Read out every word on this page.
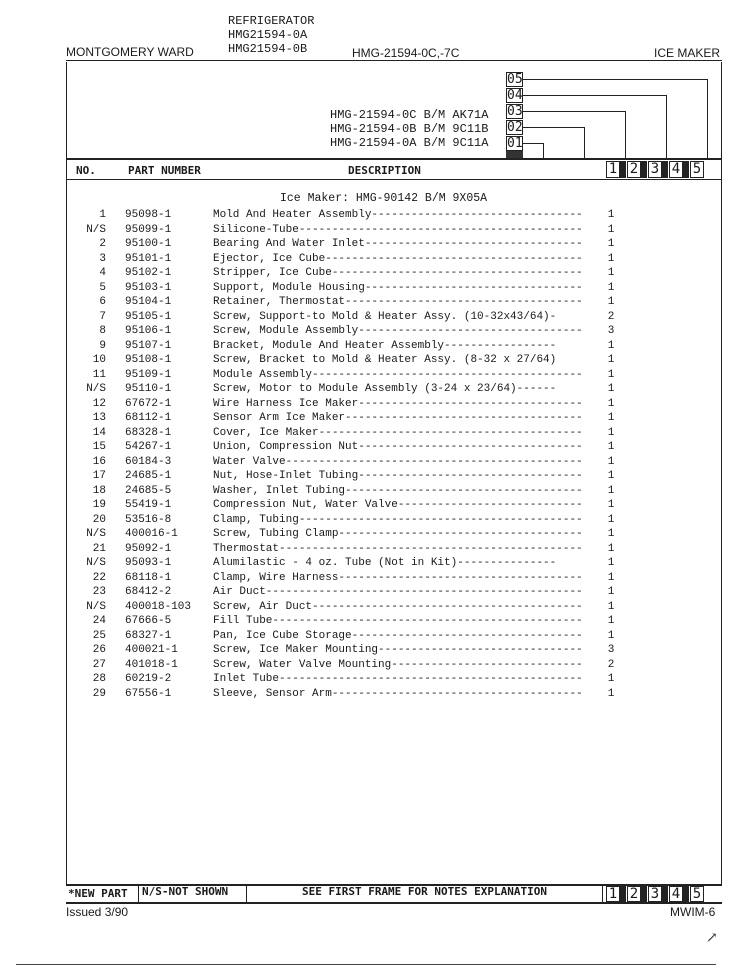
REFRIGERATOR
HMG21594-0A
HMG21594-0B
MONTGOMERY WARD	HMG-21594-0C,-7C	ICE MAKER
05
04
03
02
01
HMG-21594-0C B/M AK71A
HMG-21594-0B B/M 9C11B
HMG-21594-0A B/M 9C11A
NO.	PART NUMBER	DESCRIPTION	1 2 3 4 5
Ice Maker: HMG-90142 B/M 9X05A
1 95098-1	Mold And Heater Assembly--------------------------------	1
N/S 95099-1	Silicone-Tube-------------------------------------------	1
2 95100-1	Bearing And Water Inlet---------------------------------	1
3 95101-1	Ejector, Ice Cube---------------------------------------	1
4 95102-1	Stripper, Ice Cube--------------------------------------	1
5 95103-1	Support, Module Housing---------------------------------	1
6 95104-1	Retainer, Thermostat------------------------------------	1
7 95105-1	Screw, Support-to Mold & Heater Assy. (10-32x43/64)-	2
8 95106-1	Screw, Module Assembly----------------------------------	3
9 95107-1	Bracket, Module And Heater Assembly-----------------	1
10 95108-1	Screw, Bracket to Mold & Heater Assy. (8-32 x 27/64)	1
11 95109-1	Module Assembly-----------------------------------------	1
N/S 95110-1	Screw, Motor to Module Assembly (3-24 x 23/64)------	1
12 67672-1	Wire Harness Ice Maker----------------------------------	1
13 68112-1	Sensor Arm Ice Maker------------------------------------	1
14 68328-1	Cover, Ice Maker----------------------------------------	1
15 54267-1	Union, Compression Nut----------------------------------	1
16 60184-3	Water Valve---------------------------------------------	1
17 24685-1	Nut, Hose-Inlet Tubing----------------------------------	1
18 24685-5	Washer, Inlet Tubing------------------------------------	1
19 55419-1	Compression Nut, Water Valve----------------------------	1
20 53516-8	Clamp, Tubing-------------------------------------------	1
N/S 400016-1	Screw, Tubing Clamp-------------------------------------	1
21 95092-1	Thermostat----------------------------------------------	1
N/S 95093-1	Alumilastic - 4 oz. Tube (Not in Kit)---------------	1
22 68118-1	Clamp, Wire Harness-------------------------------------	1
23 68412-2	Air Duct------------------------------------------------	1
N/S 400018-103 Screw, Air Duct-----------------------------------------	1
24 67666-5	Fill Tube-----------------------------------------------	1
25 68327-1	Pan, Ice Cube Storage-----------------------------------	1
26 400021-1	Screw, Ice Maker Mounting-------------------------------	3
27 401018-1	Screw, Water Valve Mounting-----------------------------	2
28 60219-2	Inlet Tube----------------------------------------------	1
29 67556-1	Sleeve, Sensor Arm--------------------------------------	1
*NEW PART	N/S-NOT SHOWN	SEE FIRST FRAME FOR NOTES EXPLANATION	1 2 3 4 5
Issued 3/90	MWIM-6
↗
